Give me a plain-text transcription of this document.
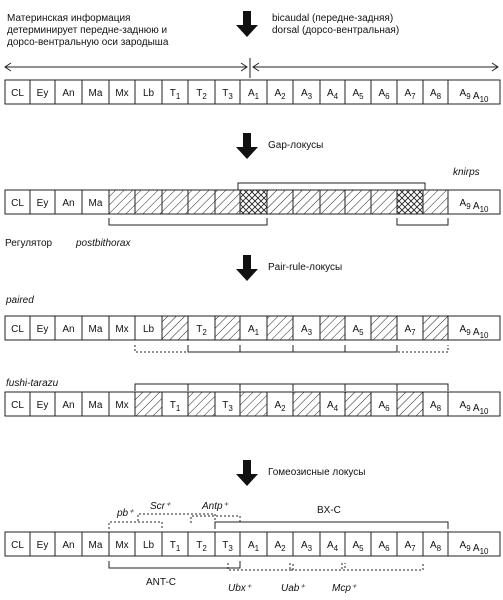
Материнская информация
детерминирует передне-заднюю и
дорсо-вентральную оси зародыша
bicaudal (передне-задняя)
dorsal (дорсо-вентральная)
Gap-локусы
Pair-rule-локусы
Гомеозисные локусы
knirps
Регулятор postbithorax
paired
fushi-tarazu
pb⁺
Scr⁺	Antp⁺	BX-C
ANT-C
Ubx⁺	Uab⁺	Mcp⁺
CL Ey An Ma Mx Lb $T_1$ $T_2$ $T_3$ $A_1$ $A_2$ $A_3$ $A_4$ $A_5$ $A_6$ $A_7$ $A_8$ $A_9$ $A_{10}$
CL Ey An Ma	$A_9$ $A_{10}$
CL Ey An Ma Mx Lb	$T_2$	$A_1$	$A_3$	$A_5$	$A_7$	$A_9$ $A_{10}$
CL Ey An Ma Mx	$T_1$	$T_3$	$A_2$	$A_4$	$A_6$	$A_8$ $A_9$ $A_{10}$
CL Ey An Ma Mx Lb $T_1$ $T_2$ $T_3$ $A_1$ $A_2$ $A_3$ $A_4$ $A_5$ $A_6$ $A_7$ $A_8$ $A_9$ $A_{10}$
